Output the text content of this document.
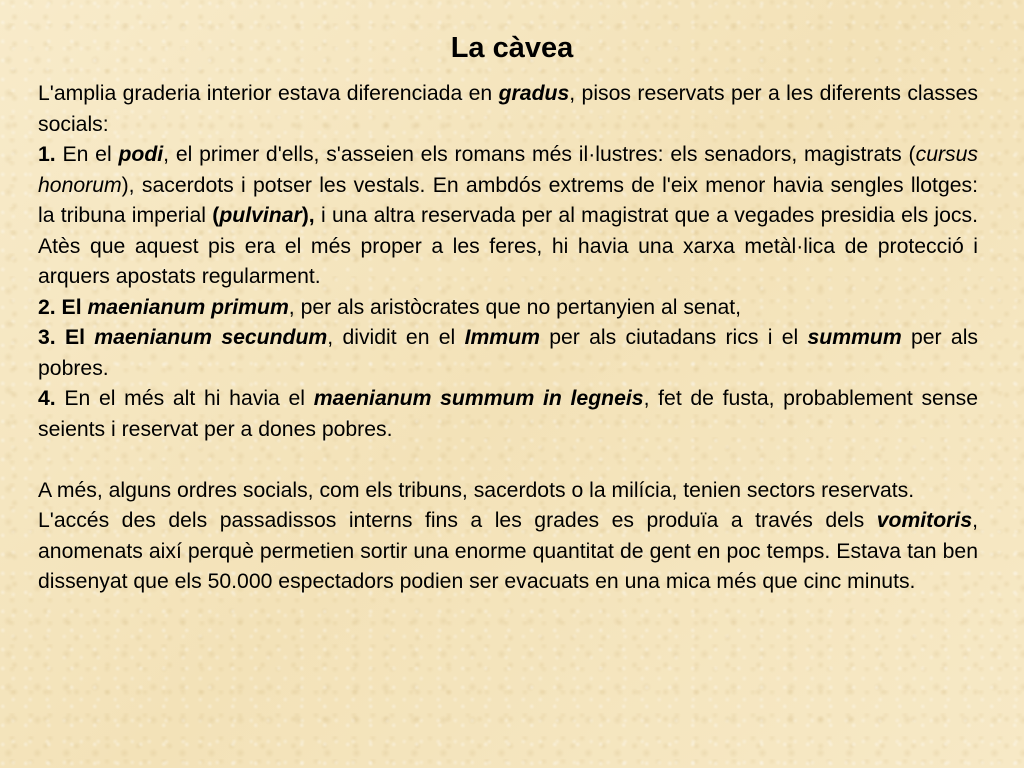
La càvea

L'amplia graderia interior estava diferenciada en gradus, pisos reservats per a les diferents classes socials:

1. En el podi, el primer d'ells, s'asseien els romans més il·lustres: els senadors, magistrats (cursus honorum), sacerdots i potser les vestals. En ambdós extrems de l'eix menor havia sengles llotges: la tribuna imperial (pulvinar), i una altra reservada per al magistrat que a vegades presidia els jocs. Atès que aquest pis era el més proper a les feres, hi havia una xarxa metàl·lica de protecció i arquers apostats regularment.

2. El maenianum primum, per als aristòcrates que no pertanyien al senat,

3. El maenianum secundum, dividit en el Immum per als ciutadans rics i el summum per als pobres.

4. En el més alt hi havia el maenianum summum in legneis, fet de fusta, probablement sense seients i reservat per a dones pobres.

A més, alguns ordres socials, com els tribuns, sacerdots o la milícia, tenien sectors reservats.

L'accés des dels passadissos interns fins a les grades es produïa a través dels vomitoris, anomenats així perquè permetien sortir una enorme quantitat de gent en poc temps. Estava tan ben dissenyat que els 50.000 espectadors podien ser evacuats en una mica més que cinc minuts.
